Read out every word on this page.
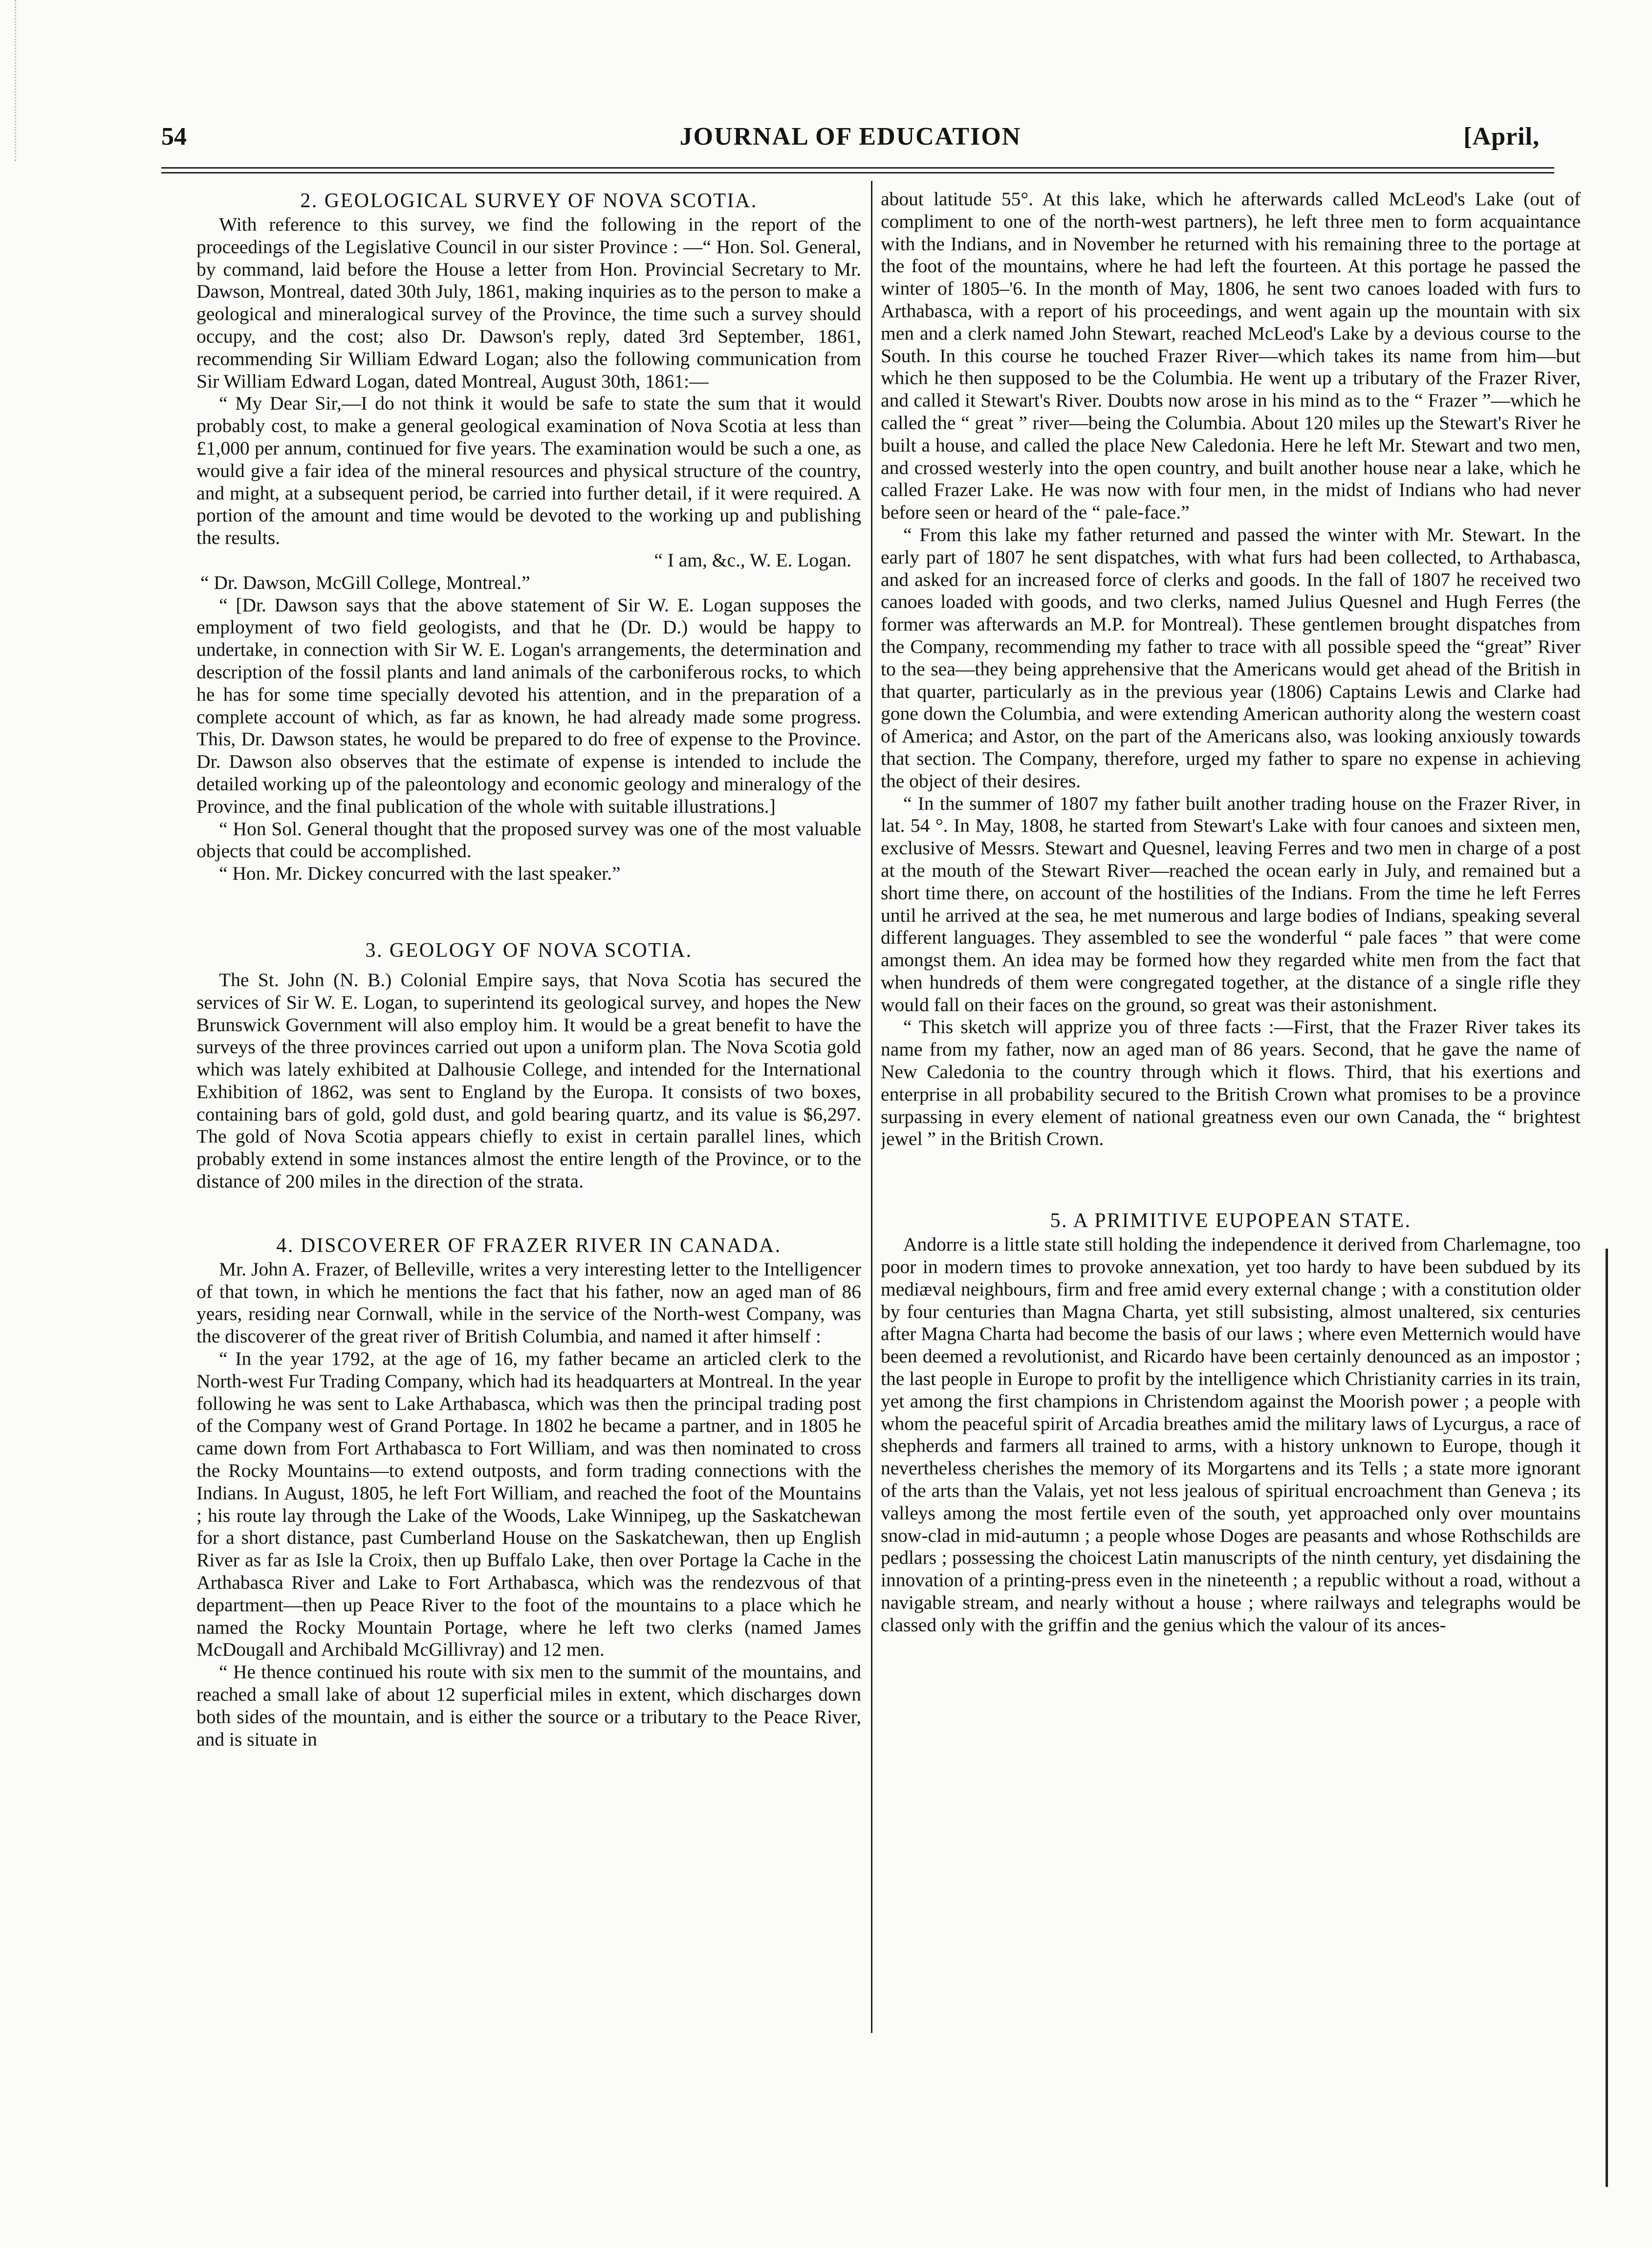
54	JOURNAL OF EDUCATION	[April,
2. GEOLOGICAL SURVEY OF NOVA SCOTIA.

With reference to this survey, we find the following in the report of the proceedings of the Legislative Council in our sister Province : —“ Hon. Sol. General, by command, laid before the House a letter from Hon. Provincial Secretary to Mr. Dawson, Montreal, dated 30th July, 1861, making inquiries as to the person to make a geological and mineralogical survey of the Province, the time such a survey should occupy, and the cost; also Dr. Dawson's reply, dated 3rd September, 1861, recommending Sir William Edward Logan; also the following communication from Sir William Edward Logan, dated Montreal, August 30th, 1861:—

“ My Dear Sir,—I do not think it would be safe to state the sum that it would probably cost, to make a general geological examination of Nova Scotia at less than £1,000 per annum, continued for five years. The examination would be such a one, as would give a fair idea of the mineral resources and physical structure of the country, and might, at a subsequent period, be carried into further detail, if it were required. A portion of the amount and time would be devoted to the working up and publishing the results.

“ I am, &c., W. E. Logan.

“ Dr. Dawson, McGill College, Montreal.”

“ [Dr. Dawson says that the above statement of Sir W. E. Logan supposes the employment of two field geologists, and that he (Dr. D.) would be happy to undertake, in connection with Sir W. E. Logan's arrangements, the determination and description of the fossil plants and land animals of the carboniferous rocks, to which he has for some time specially devoted his attention, and in the preparation of a complete account of which, as far as known, he had already made some progress. This, Dr. Dawson states, he would be prepared to do free of expense to the Province. Dr. Dawson also observes that the estimate of expense is intended to include the detailed working up of the paleontology and economic geology and mineralogy of the Province, and the final publication of the whole with suitable illustrations.]

“ Hon Sol. General thought that the proposed survey was one of the most valuable objects that could be accomplished.

“ Hon. Mr. Dickey concurred with the last speaker.”

3. GEOLOGY OF NOVA SCOTIA.

The St. John (N. B.) Colonial Empire says, that Nova Scotia has secured the services of Sir W. E. Logan, to superintend its geological survey, and hopes the New Brunswick Government will also employ him. It would be a great benefit to have the surveys of the three provinces carried out upon a uniform plan. The Nova Scotia gold which was lately exhibited at Dalhousie College, and intended for the International Exhibition of 1862, was sent to England by the Europa. It consists of two boxes, containing bars of gold, gold dust, and gold bearing quartz, and its value is $6,297. The gold of Nova Scotia appears chiefly to exist in certain parallel lines, which probably extend in some instances almost the entire length of the Province, or to the distance of 200 miles in the direction of the strata.

4. DISCOVERER OF FRAZER RIVER IN CANADA.

Mr. John A. Frazer, of Belleville, writes a very interesting letter to the Intelligencer of that town, in which he mentions the fact that his father, now an aged man of 86 years, residing near Cornwall, while in the service of the North-west Company, was the discoverer of the great river of British Columbia, and named it after himself :

“ In the year 1792, at the age of 16, my father became an articled clerk to the North-west Fur Trading Company, which had its headquarters at Montreal. In the year following he was sent to Lake Arthabasca, which was then the principal trading post of the Company west of Grand Portage. In 1802 he became a partner, and in 1805 he came down from Fort Arthabasca to Fort William, and was then nominated to cross the Rocky Mountains—to extend outposts, and form trading connections with the Indians. In August, 1805, he left Fort William, and reached the foot of the Mountains ; his route lay through the Lake of the Woods, Lake Winnipeg, up the Saskatchewan for a short distance, past Cumberland House on the Saskatchewan, then up English River as far as Isle la Croix, then up Buffalo Lake, then over Portage la Cache in the Arthabasca River and Lake to Fort Arthabasca, which was the rendezvous of that department—then up Peace River to the foot of the mountains to a place which he named the Rocky Mountain Portage, where he left two clerks (named James McDougall and Archibald McGillivray) and 12 men.

“ He thence continued his route with six men to the summit of the mountains, and reached a small lake of about 12 superficial miles in extent, which discharges down both sides of the mountain, and is either the source or a tributary to the Peace River, and is situate in

about latitude 55°. At this lake, which he afterwards called McLeod's Lake (out of compliment to one of the north-west partners), he left three men to form acquaintance with the Indians, and in November he returned with his remaining three to the portage at the foot of the mountains, where he had left the fourteen. At this portage he passed the winter of 1805–'6. In the month of May, 1806, he sent two canoes loaded with furs to Arthabasca, with a report of his proceedings, and went again up the mountain with six men and a clerk named John Stewart, reached McLeod's Lake by a devious course to the South. In this course he touched Frazer River—which takes its name from him—but which he then supposed to be the Columbia. He went up a tributary of the Frazer River, and called it Stewart's River. Doubts now arose in his mind as to the “ Frazer ”—which he called the “ great ” river—being the Columbia. About 120 miles up the Stewart's River he built a house, and called the place New Caledonia. Here he left Mr. Stewart and two men, and crossed westerly into the open country, and built another house near a lake, which he called Frazer Lake. He was now with four men, in the midst of Indians who had never before seen or heard of the “ pale-face.”

“ From this lake my father returned and passed the winter with Mr. Stewart. In the early part of 1807 he sent dispatches, with what furs had been collected, to Arthabasca, and asked for an increased force of clerks and goods. In the fall of 1807 he received two canoes loaded with goods, and two clerks, named Julius Quesnel and Hugh Ferres (the former was afterwards an M.P. for Montreal). These gentlemen brought dispatches from the Company, recommending my father to trace with all possible speed the “great” River to the sea—they being apprehensive that the Americans would get ahead of the British in that quarter, particularly as in the previous year (1806) Captains Lewis and Clarke had gone down the Columbia, and were extending American authority along the western coast of America; and Astor, on the part of the Americans also, was looking anxiously towards that section. The Company, therefore, urged my father to spare no expense in achieving the object of their desires.

“ In the summer of 1807 my father built another trading house on the Frazer River, in lat. 54 °. In May, 1808, he started from Stewart's Lake with four canoes and sixteen men, exclusive of Messrs. Stewart and Quesnel, leaving Ferres and two men in charge of a post at the mouth of the Stewart River—reached the ocean early in July, and remained but a short time there, on account of the hostilities of the Indians. From the time he left Ferres until he arrived at the sea, he met numerous and large bodies of Indians, speaking several different languages. They assembled to see the wonderful “ pale faces ” that were come amongst them. An idea may be formed how they regarded white men from the fact that when hundreds of them were congregated together, at the distance of a single rifle they would fall on their faces on the ground, so great was their astonishment.

“ This sketch will apprize you of three facts :—First, that the Frazer River takes its name from my father, now an aged man of 86 years. Second, that he gave the name of New Caledonia to the country through which it flows. Third, that his exertions and enterprise in all probability secured to the British Crown what promises to be a province surpassing in every element of national greatness even our own Canada, the “ brightest jewel ” in the British Crown.

5. A PRIMITIVE EUPOPEAN STATE.

Andorre is a little state still holding the independence it derived from Charlemagne, too poor in modern times to provoke annexation, yet too hardy to have been subdued by its mediæval neighbours, firm and free amid every external change ; with a constitution older by four centuries than Magna Charta, yet still subsisting, almost unaltered, six centuries after Magna Charta had become the basis of our laws ; where even Metternich would have been deemed a revolutionist, and Ricardo have been certainly denounced as an impostor ; the last people in Europe to profit by the intelligence which Christianity carries in its train, yet among the first champions in Christendom against the Moorish power ; a people with whom the peaceful spirit of Arcadia breathes amid the military laws of Lycurgus, a race of shepherds and farmers all trained to arms, with a history unknown to Europe, though it nevertheless cherishes the memory of its Morgartens and its Tells ; a state more ignorant of the arts than the Valais, yet not less jealous of spiritual encroachment than Geneva ; its valleys among the most fertile even of the south, yet approached only over mountains snow-clad in mid-autumn ; a people whose Doges are peasants and whose Rothschilds are pedlars ; possessing the choicest Latin manuscripts of the ninth century, yet disdaining the innovation of a printing-press even in the nineteenth ; a republic without a road, without a navigable stream, and nearly without a house ; where railways and telegraphs would be classed only with the griffin and the genius which the valour of its ances-
